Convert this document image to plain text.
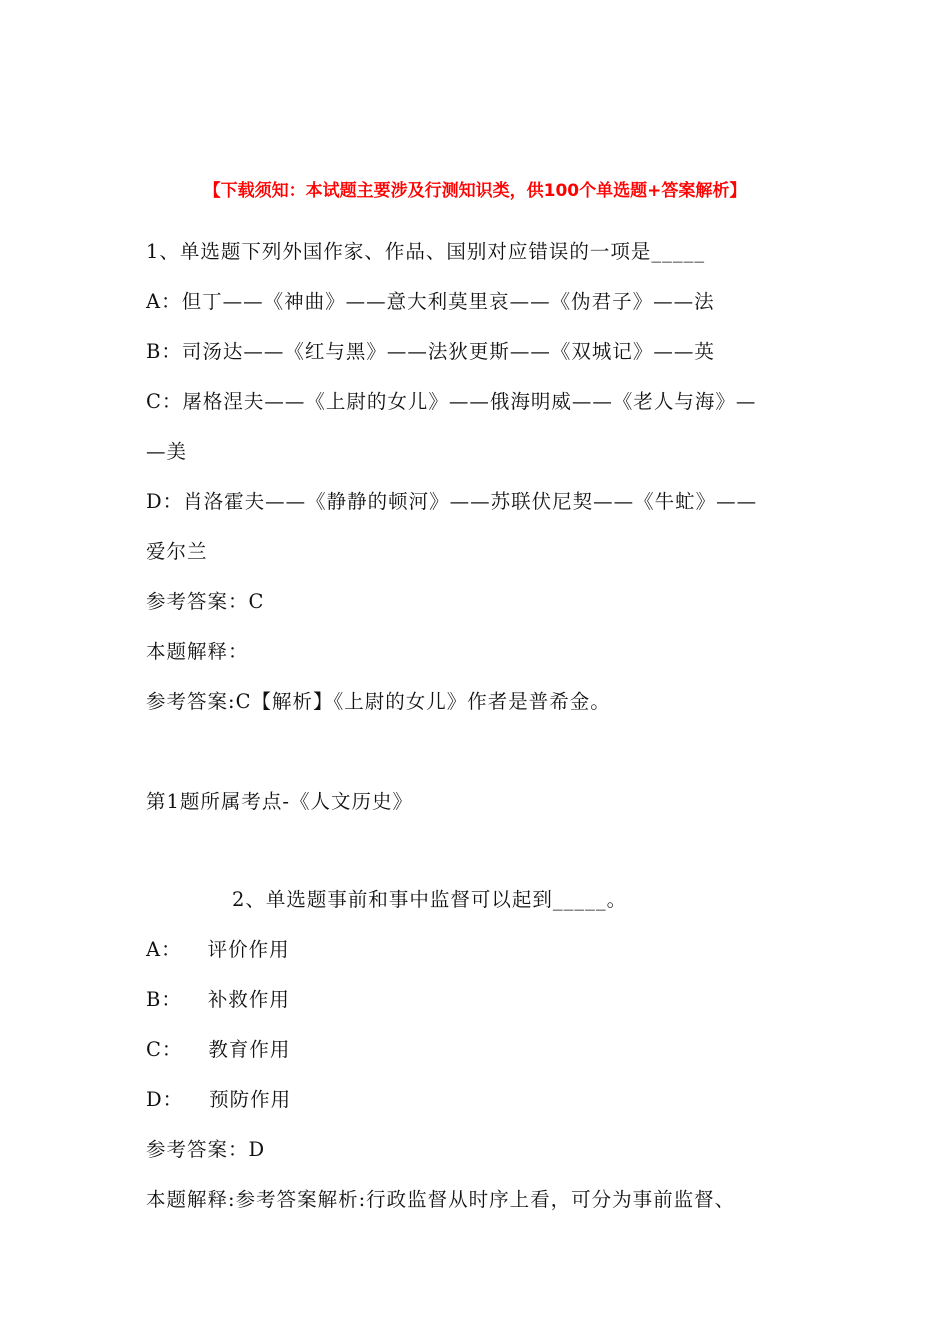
【下载须知：本试题主要涉及行测知识类，供100个单选题+答案解析】
1、单选题下列外国作家、作品、国别对应错误的一项是_____
A：但丁——《神曲》——意大利莫里哀——《伪君子》——法
B：司汤达——《红与黑》——法狄更斯——《双城记》——英
C：屠格涅夫——《上尉的女儿》——俄海明威——《老人与海》—
—美
D：肖洛霍夫——《静静的顿河》——苏联伏尼契——《牛虻》——
爱尔兰
参考答案：C
本题解释：
参考答案:C【解析】《上尉的女儿》作者是普希金。
第1题所属考点-《人文历史》
2、单选题事前和事中监督可以起到_____。
A： 评价作用
B： 补救作用
C： 教育作用
D： 预防作用
参考答案：D
本题解释:参考答案解析:行政监督从时序上看，可分为事前监督、
